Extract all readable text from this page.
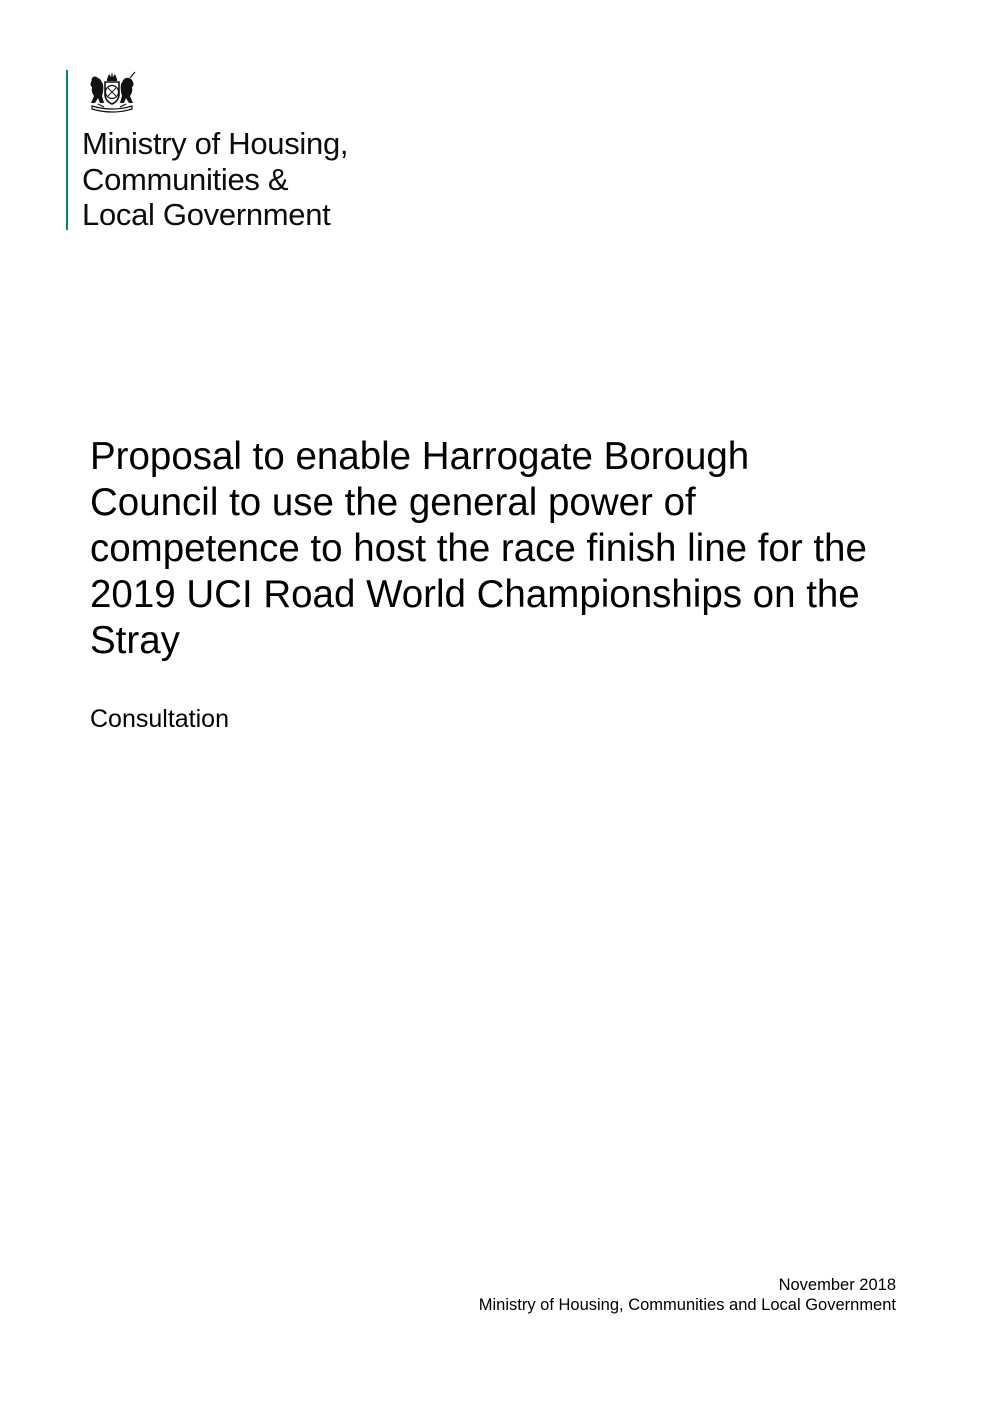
Ministry of Housing,
Communities &
Local Government
Proposal to enable Harrogate Borough
Council to use the general power of
competence to host the race finish line for the
2019 UCI Road World Championships on the
Stray
Consultation
November 2018
Ministry of Housing, Communities and Local Government
